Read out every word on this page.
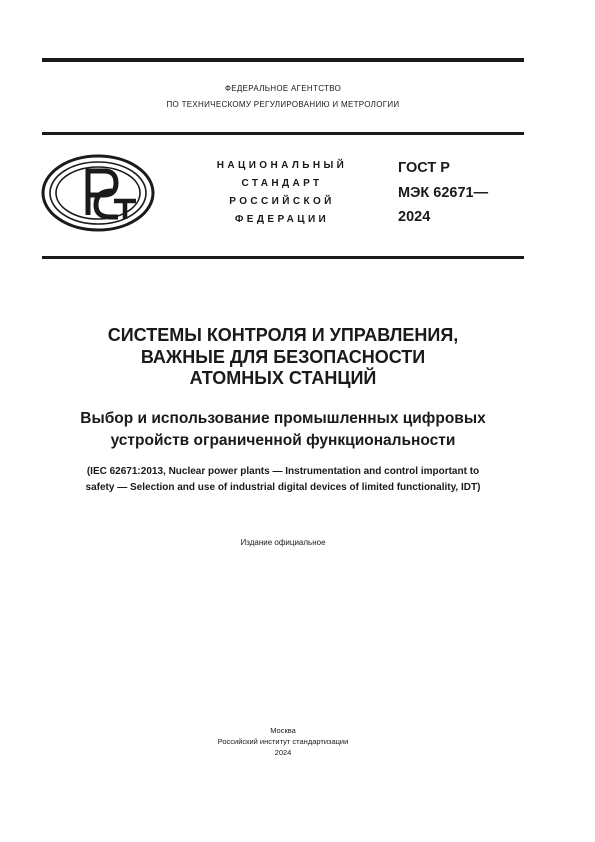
ФЕДЕРАЛЬНОЕ АГЕНТСТВО
ПО ТЕХНИЧЕСКОМУ РЕГУЛИРОВАНИЮ И МЕТРОЛОГИИ
НАЦИОНАЛЬНЫЙ
СТАНДАРТ
РОССИЙСКОЙ
ФЕДЕРАЦИИ
ГОСТ Р
МЭК 62671—
2024
СИСТЕМЫ КОНТРОЛЯ И УПРАВЛЕНИЯ,
ВАЖНЫЕ ДЛЯ БЕЗОПАСНОСТИ
АТОМНЫХ СТАНЦИЙ
Выбор и использование промышленных цифровых
устройств ограниченной функциональности
(IEC 62671:2013, Nuclear power plants — Instrumentation and control important to
safety — Selection and use of industrial digital devices of limited functionality, IDT)
Издание официальное
Москва
Российский институт стандартизации
2024
